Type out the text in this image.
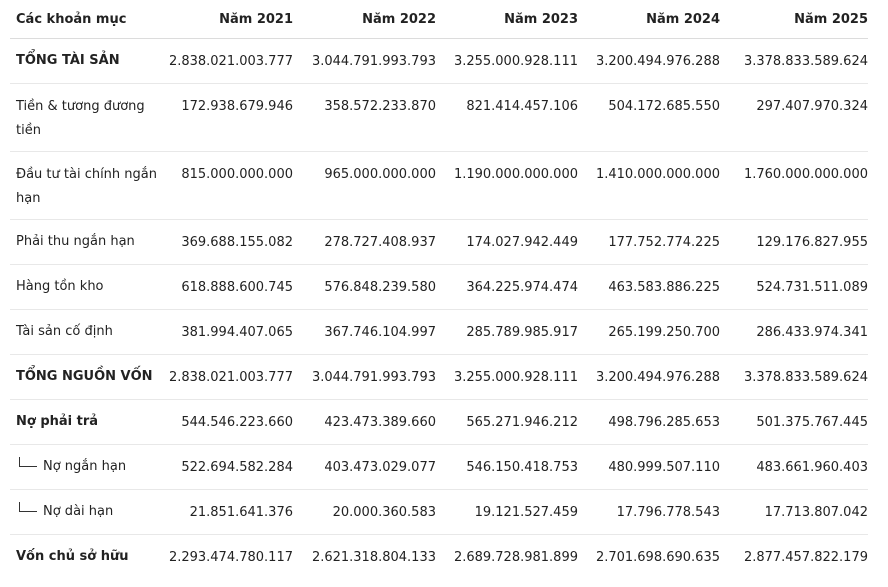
Các khoản mục	Năm 2021	Năm 2022	Năm 2023	Năm 2024	Năm 2025
TỔNG TÀI SẢN	2.838.021.003.777	3.044.791.993.793	3.255.000.928.111	3.200.494.976.288	3.378.833.589.624
Tiền & tương đương tiền	172.938.679.946	358.572.233.870	821.414.457.106	504.172.685.550	297.407.970.324
Đầu tư tài chính ngắn hạn	815.000.000.000	965.000.000.000	1.190.000.000.000	1.410.000.000.000	1.760.000.000.000
Phải thu ngắn hạn	369.688.155.082	278.727.408.937	174.027.942.449	177.752.774.225	129.176.827.955
Hàng tồn kho	618.888.600.745	576.848.239.580	364.225.974.474	463.583.886.225	524.731.511.089
Tài sản cố định	381.994.407.065	367.746.104.997	285.789.985.917	265.199.250.700	286.433.974.341
TỔNG NGUỒN VỐN	2.838.021.003.777	3.044.791.993.793	3.255.000.928.111	3.200.494.976.288	3.378.833.589.624
Nợ phải trả	544.546.223.660	423.473.389.660	565.271.946.212	498.796.285.653	501.375.767.445
Nợ ngắn hạn	522.694.582.284	403.473.029.077	546.150.418.753	480.999.507.110	483.661.960.403
Nợ dài hạn	21.851.641.376	20.000.360.583	19.121.527.459	17.796.778.543	17.713.807.042
Vốn chủ sở hữu	2.293.474.780.117	2.621.318.804.133	2.689.728.981.899	2.701.698.690.635	2.877.457.822.179
